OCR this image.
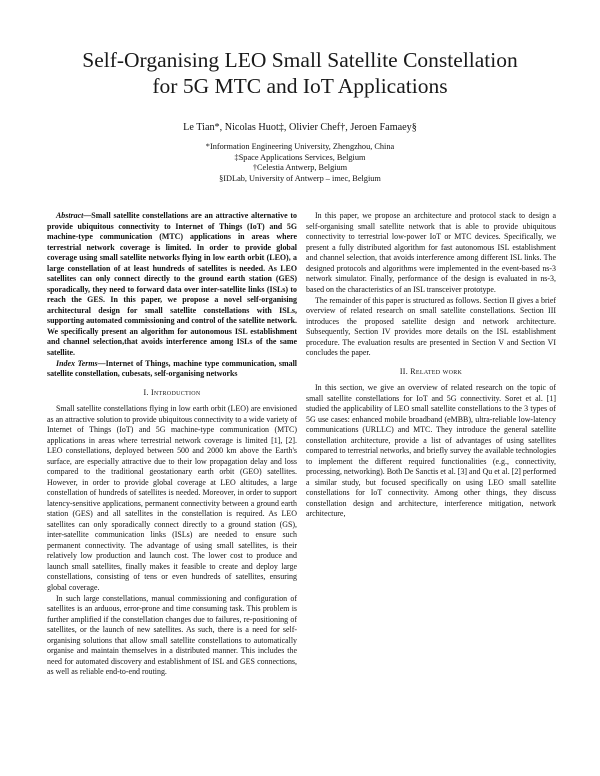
Self-Organising LEO Small Satellite Constellation
for 5G MTC and IoT Applications
Le Tian*, Nicolas Huot‡, Olivier Chef†, Jeroen Famaey§
*Information Engineering University, Zhengzhou, China
‡Space Applications Services, Belgium
†Celestia Antwerp, Belgium
§IDLab, University of Antwerp – imec, Belgium

Abstract—Small satellite constellations are an attractive alternative to provide ubiquitous connectivity to Internet of Things (IoT) and 5G machine-type communication (MTC) applications in areas where terrestrial network coverage is limited. In order to provide global coverage using small satellite networks flying in low earth orbit (LEO), a large constellation of at least hundreds of satellites is needed. As LEO satellites can only connect directly to the ground earth station (GES) sporadically, they need to forward data over inter-satellite links (ISLs) to reach the GES. In this paper, we propose a novel self-organising architectural design for small satellite constellations with ISLs, supporting automated commissioning and control of the satellite network. We specifically present an algorithm for autonomous ISL establishment and channel selection,that avoids interference among ISLs of the same satellite.

Index Terms—Internet of Things, machine type communication, small satellite constellation, cubesats, self-organising networks

I. Introduction

Small satellite constellations flying in low earth orbit (LEO) are envisioned as an attractive solution to provide ubiquitous connectivity to a wide variety of Internet of Things (IoT) and 5G machine-type communication (MTC) applications in areas where terrestrial network coverage is limited [1], [2]. LEO constellations, deployed between 500 and 2000 km above the Earth's surface, are especially attractive due to their low propagation delay and loss compared to the traditional geostationary earth orbit (GEO) satellites. However, in order to provide global coverage at LEO altitudes, a large constellation of hundreds of satellites is needed. Moreover, in order to support latency-sensitive applications, permanent connectivity between a ground earth station (GES) and all satellites in the constellation is required. As LEO satellites can only sporadically connect directly to a ground station (GS), inter-satellite communication links (ISLs) are needed to ensure such permanent connectivity. The advantage of using small satellites, is their relatively low production and launch cost. The lower cost to produce and launch small satellites, finally makes it feasible to create and deploy large constellations, consisting of tens or even hundreds of satellites, ensuring global coverage.

In such large constellations, manual commissioning and configuration of satellites is an arduous, error-prone and time consuming task. This problem is further amplified if the constellation changes due to failures, re-positioning of satellites, or the launch of new satellites. As such, there is a need for self-organising solutions that allow small satellite constellations to automatically organise and maintain themselves in a distributed manner. This includes the need for automated discovery and establishment of ISL and GES connections, as well as reliable end-to-end routing.

In this paper, we propose an architecture and protocol stack to design a self-organising small satellite network that is able to provide ubiquitous connectivity to terrestrial low-power IoT or MTC devices. Specifically, we present a fully distributed algorithm for fast autonomous ISL establishment and channel selection, that avoids interference among different ISL links. The designed protocols and algorithms were implemented in the event-based ns-3 network simulator. Finally, performance of the design is evaluated in ns-3, based on the characteristics of an ISL transceiver prototype.

The remainder of this paper is structured as follows. Section II gives a brief overview of related research on small satellite constellations. Section III introduces the proposed satellite design and network architecture. Subsequently, Section IV provides more details on the ISL establishment procedure. The evaluation results are presented in Section V and Section VI concludes the paper.

II. Related work

In this section, we give an overview of related research on the topic of small satellite constellations for IoT and 5G connectivity. Soret et al. [1] studied the applicability of LEO small satellite constellations to the 3 types of 5G use cases: enhanced mobile broadband (eMBB), ultra-reliable low-latency communications (URLLC) and MTC. They introduce the general satellite constellation architecture, provide a list of advantages of using satellites compared to terrestrial networks, and briefly survey the available technologies to implement the different required functionalities (e.g., connectivity, processing, networking). Both De Sanctis et al. [3] and Qu et al. [2] performed a similar study, but focused specifically on using LEO small satellite constellations for IoT connectivity. Among other things, they discuss constellation design and architecture, interference mitigation, network architecture,
